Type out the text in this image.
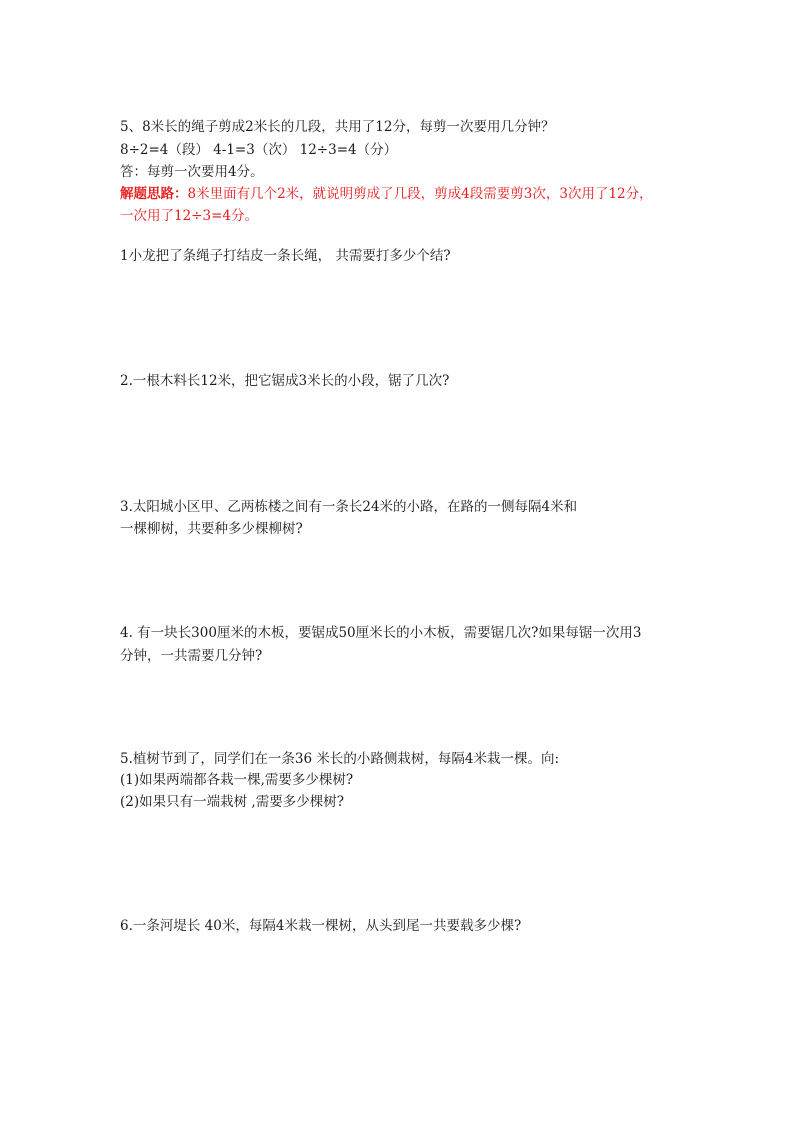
5、8米长的绳子剪成2米长的几段，共用了12分，每剪一次要用几分钟？
8÷2=4（段） 4-1=3（次） 12÷3=4（分）
答：每剪一次要用4分。
解题思路：8米里面有几个2米，就说明剪成了几段，剪成4段需要剪3次，3次用了12分，
一次用了12÷3=4分。
1小龙把了条绳子打结皮一条长绳， 共需要打多少个结?
2.一根木料长12米，把它锯成3米长的小段，锯了几次?
3.太阳城小区甲、乙两栋楼之间有一条长24米的小路，在路的一侧每隔4米和
一棵柳树，共要种多少棵柳树?
4. 有一块长300厘米的木板，要锯成50厘米长的小木板，需要锯几次?如果每锯一次用3
分钟，一共需要几分钟?
5.植树节到了，同学们在一条36 米长的小路侧栽树，每隔4米栽一棵。向:
(1)如果两端都各栽一棵,需要多少棵树?
(2)如果只有一端栽树 ,需要多少棵树?
6.一条河堤长 40米，每隔4米栽一棵树，从头到尾一共要载多少棵?
